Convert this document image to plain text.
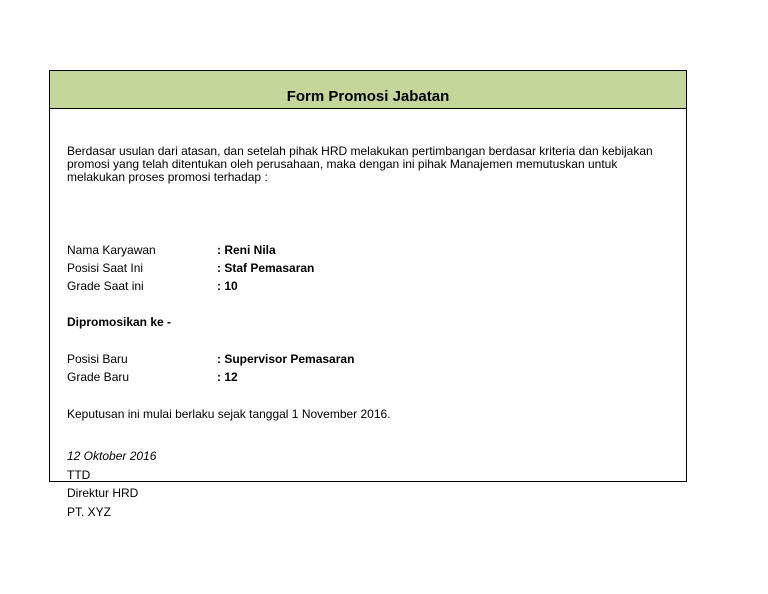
Form Promosi Jabatan

Berdasar usulan dari atasan, dan setelah pihak HRD melakukan pertimbangan berdasar kriteria dan kebijakan promosi yang telah ditentukan oleh perusahaan, maka dengan ini pihak Manajemen memutuskan untuk melakukan proses promosi terhadap :

Nama Karyawan	: Reni Nila
Posisi Saat Ini	: Staf Pemasaran
Grade Saat ini	: 10
Dipromosikan ke -
Posisi Baru	: Supervisor Pemasaran
Grade Baru	: 12
Keputusan ini mulai berlaku sejak tanggal 1 November 2016.
12 Oktober 2016
TTD
Direktur HRD
PT. XYZ
